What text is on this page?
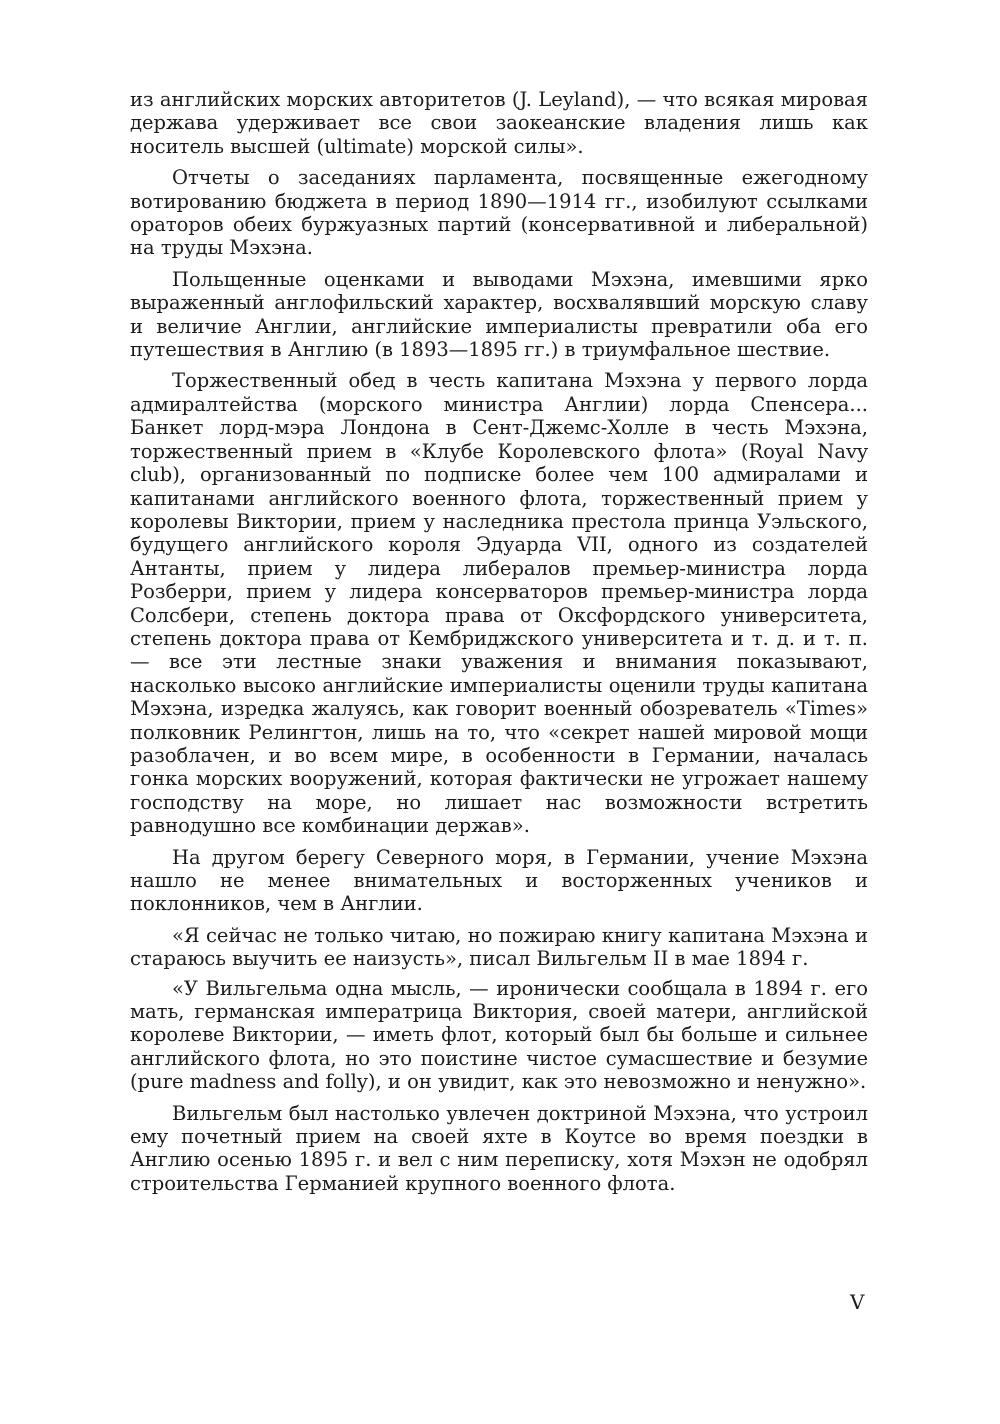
из английских морских авторитетов (J. Leyland), — что всякая мировая держава удерживает все свои заокеанские владения лишь как носитель высшей (ultimate) морской силы».

Отчеты о заседаниях парламента, посвященные ежегодному вотированию бюджета в период 1890—1914 гг., изобилуют ссылками ораторов обеих буржуазных партий (консервативной и либеральной) на труды Мэхэна.

Польщенные оценками и выводами Мэхэна, имевшими ярко выраженный англофильский характер, восхвалявший морскую славу и величие Англии, английские империалисты превратили оба его путешествия в Англию (в 1893—1895 гг.) в триумфальное шествие.

Торжественный обед в честь капитана Мэхэна у первого лорда адмиралтейства (морского министра Англии) лорда Спенсера... Банкет лорд-мэра Лондона в Сент-Джемс-Холле в честь Мэхэна, торжественный прием в «Клубе Королевского флота» (Royal Navy club), организованный по подписке более чем 100 адмиралами и капитанами английского военного флота, торжественный прием у королевы Виктории, прием у наследника престола принца Уэльского, будущего английского короля Эдуарда VII, одного из создателей Антанты, прием у лидера либералов премьер-министра лорда Розберри, прием у лидера консерваторов премьер-министра лорда Солсбери, степень доктора права от Оксфордского университета, степень доктора права от Кембриджского университета и т. д. и т. п. — все эти лестные знаки уважения и внимания показывают, насколько высоко английские империалисты оценили труды капитана Мэхэна, изредка жалуясь, как говорит военный обозреватель «Times» полковник Релингтон, лишь на то, что «секрет нашей мировой мощи разоблачен, и во всем мире, в особенности в Германии, началась гонка морских вооружений, которая фактически не угрожает нашему господству на море, но лишает нас возможности встретить равнодушно все комбинации держав».

На другом берегу Северного моря, в Германии, учение Мэхэна нашло не менее внимательных и восторженных учеников и поклонников, чем в Англии.

«Я сейчас не только читаю, но пожираю книгу капитана Мэхэна и стараюсь выучить ее наизусть», писал Вильгельм II в мае 1894 г.

«У Вильгельма одна мысль, — иронически сообщала в 1894 г. его мать, германская императрица Виктория, своей матери, английской королеве Виктории, — иметь флот, который был бы больше и сильнее английского флота, но это поистине чистое сумасшествие и безумие (pure madness and folly), и он увидит, как это невозможно и ненужно».

Вильгельм был настолько увлечен доктриной Мэхэна, что устроил ему почетный прием на своей яхте в Коутсе во время поездки в Англию осенью 1895 г. и вел с ним переписку, хотя Мэхэн не одобрял строительства Германией крупного военного флота.

V
